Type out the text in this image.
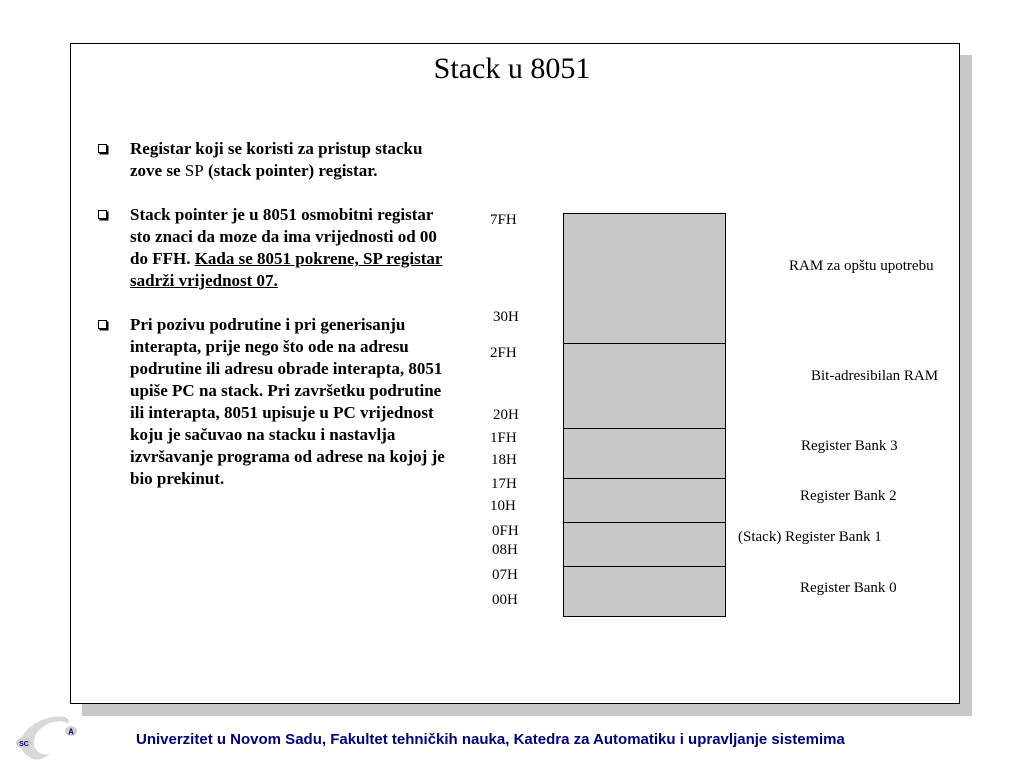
Stack u 8051
Registar koji se koristi za pristup stacku zove se SP (stack pointer) registar.
Stack pointer je u 8051 osmobitni registar sto znaci da moze da ima vrijednosti od 00 do FFH. Kada se 8051 pokrene, SP registar sadrži vrijednost 07.
Pri pozivu podrutine i pri generisanju interapta, prije nego što ode na adresu podrutine ili adresu obrade interapta, 8051 upiše PC na stack. Pri završetku podrutine ili interapta, 8051 upisuje u PC vrijednost koju je sačuvao na stacku i nastavlja izvršavanje programa od adrese na kojoj je bio prekinut.
7FH
30H
2FH
20H
1FH
18H
17H
10H
0FH
08H
07H
00H
RAM za opštu upotrebu
Bit-adresibilan RAM
Register Bank 3
Register Bank 2
(Stack) Register Bank 1
Register Bank 0
A
SC	Univerzitet u Novom Sadu, Fakultet tehničkih nauka, Katedra za Automatiku i upravljanje sistemima
